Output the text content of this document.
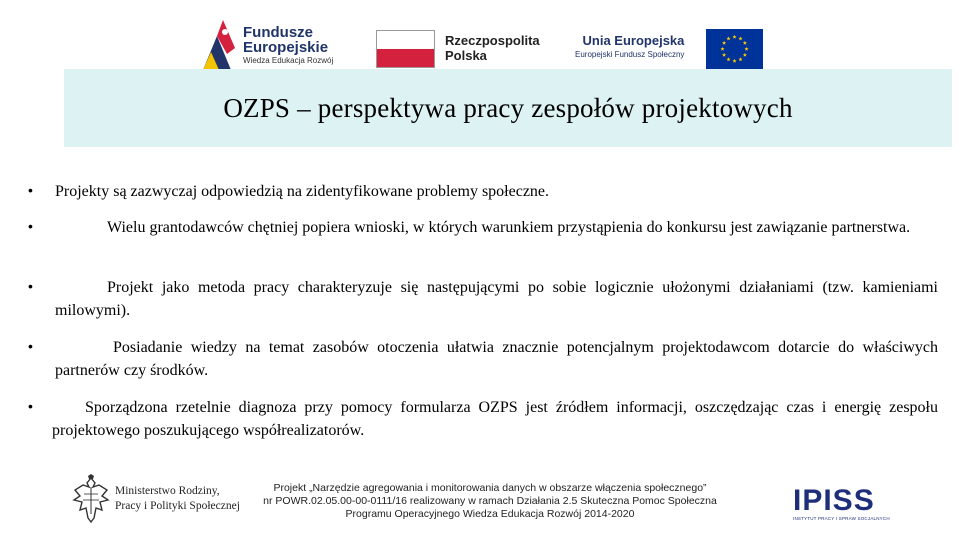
Fundusze
Europejskie
Wiedza Edukacja Rozwój
Rzeczpospolita
Polska
Unia Europejska
Europejski Fundusz Społeczny
OZPS – perspektywa pracy zespołów projektowych
• Projekty są zazwyczaj odpowiedzią na zidentyfikowane problemy społeczne.
•	Wielu grantodawców chętniej popiera wnioski, w których warunkiem przystąpienia do konkursu jest zawiązanie partnerstwa.
•	Projekt jako metoda pracy charakteryzuje się następującymi po sobie logicznie ułożonymi działaniami (tzw. kamieniami milowymi).
•	Posiadanie wiedzy na temat zasobów otoczenia ułatwia znacznie potencjalnym projektodawcom dotarcie do właściwych partnerów czy środków.
•	Sporządzona rzetelnie diagnoza przy pomocy formularza OZPS jest źródłem informacji, oszczędzając czas i energię zespołu projektowego poszukującego współrealizatorów.
Ministerstwo Rodziny,
Pracy i Polityki Społecznej
Projekt „Narzędzie agregowania i monitorowania danych w obszarze włączenia społecznego”
nr POWR.02.05.00-00-0111/16 realizowany w ramach Działania 2.5 Skuteczna Pomoc Społeczna
Programu Operacyjnego Wiedza Edukacja Rozwój 2014-2020	IPISS
INSTYTUT PRACY I SPRAW SOCJALNYCH
